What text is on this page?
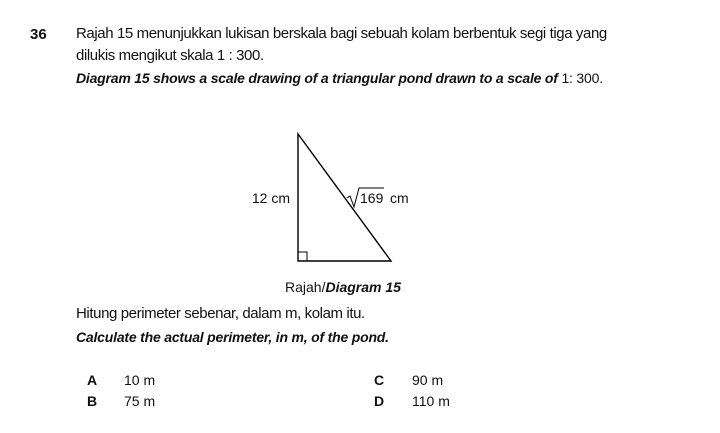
36 Rajah 15 menunjukkan lukisan berskala bagi sebuah kolam berbentuk segi tiga yang
dilukis mengikut skala 1 : 300.
Diagram 15 shows a scale drawing of a triangular pond drawn to a scale of 1: 300.
12 cm	169 cm
Rajah/Diagram 15
Hitung perimeter sebenar, dalam m, kolam itu.
Calculate the actual perimeter, in m, of the pond.
A 10 m
B 75 m
C 90 m
D 110 m
